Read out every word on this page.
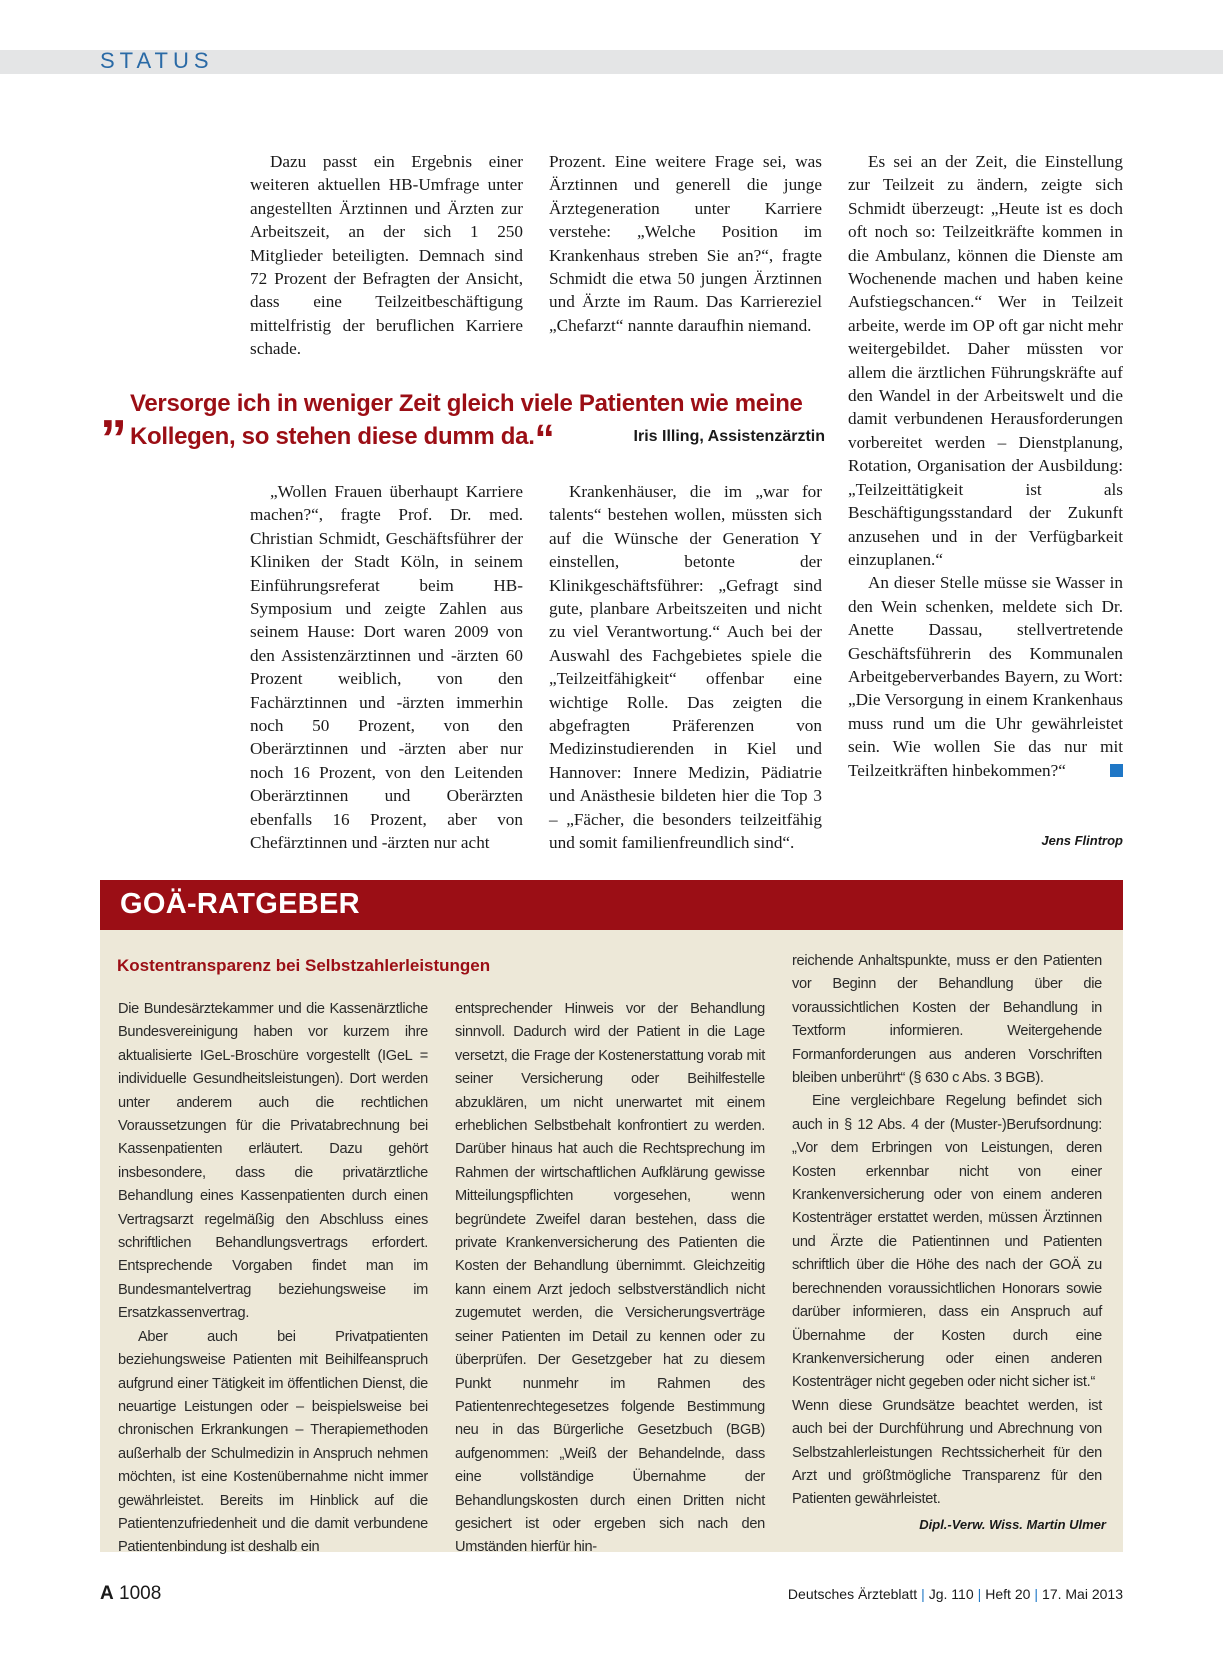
STATUS

Dazu passt ein Ergebnis einer weiteren aktuellen HB-Umfrage unter angestellten Ärztinnen und Ärzten zur Arbeitszeit, an der sich 1 250 Mitglieder beteiligten. Demnach sind 72 Prozent der Befragten der Ansicht, dass eine Teilzeitbeschäftigung mittelfristig der beruflichen Karriere schade.

Prozent. Eine weitere Frage sei, was Ärztinnen und generell die junge Ärztegeneration unter Karriere verstehe: „Welche Position im Krankenhaus streben Sie an?“, fragte Schmidt die etwa 50 jungen Ärztinnen und Ärzte im Raum. Das Karriereziel „Chefarzt“ nannte daraufhin niemand.

„ Versorge ich in weniger Zeit gleich viele Patienten wie meine
Kollegen, so stehen diese dumm da.“	Iris Illing, Assistenzärztin

„Wollen Frauen überhaupt Karriere machen?“, fragte Prof. Dr. med. Christian Schmidt, Geschäftsführer der Kliniken der Stadt Köln, in seinem Einführungsreferat beim HB-Symposium und zeigte Zahlen aus seinem Hause: Dort waren 2009 von den Assistenzärztinnen und -ärzten 60 Prozent weiblich, von den Fachärztinnen und -ärzten immerhin noch 50 Prozent, von den Oberärztinnen und -ärzten aber nur noch 16 Prozent, von den Leitenden Oberärztinnen und Oberärzten ebenfalls 16 Prozent, aber von Chefärztinnen und -ärzten nur acht

Krankenhäuser, die im „war for talents“ bestehen wollen, müssten sich auf die Wünsche der Generation Y einstellen, betonte der Klinikgeschäftsführer: „Gefragt sind gute, planbare Arbeitszeiten und nicht zu viel Verantwortung.“ Auch bei der Auswahl des Fachgebietes spiele die „Teilzeitfähigkeit“ offenbar eine wichtige Rolle. Das zeigten die abgefragten Präferenzen von Medizinstudierenden in Kiel und Hannover: Innere Medizin, Pädiatrie und Anästhesie bildeten hier die Top 3 – „Fächer, die besonders teilzeitfähig und somit familienfreundlich sind“.

Es sei an der Zeit, die Einstellung zur Teilzeit zu ändern, zeigte sich Schmidt überzeugt: „Heute ist es doch oft noch so: Teilzeitkräfte kommen in die Ambulanz, können die Dienste am Wochenende machen und haben keine Aufstiegschancen.“ Wer in Teilzeit arbeite, werde im OP oft gar nicht mehr weitergebildet. Daher müssten vor allem die ärztlichen Führungskräfte auf den Wandel in der Arbeitswelt und die damit verbundenen Herausforderungen vorbereitet werden – Dienstplanung, Rotation, Organisation der Ausbildung: „Teilzeittätigkeit ist als Beschäftigungsstandard der Zukunft anzusehen und in der Verfügbarkeit einzuplanen.“

An dieser Stelle müsse sie Wasser in den Wein schenken, meldete sich Dr. Anette Dassau, stellvertretende Geschäftsführerin des Kommunalen Arbeitgeberverbandes Bayern, zu Wort: „Die Versorgung in einem Krankenhaus muss rund um die Uhr gewährleistet sein. Wie wollen Sie das nur mit Teilzeitkräften hinbekommen?“

Jens Flintrop
GOÄ-RATGEBER
Kostentransparenz bei Selbstzahlerleistungen

Die Bundesärztekammer und die Kassenärztliche Bundesvereinigung haben vor kurzem ihre aktualisierte IGeL-Broschüre vorgestellt (IGeL = individuelle Gesundheitsleistungen). Dort werden unter anderem auch die rechtlichen Voraussetzungen für die Privatabrechnung bei Kassenpatienten erläutert. Dazu gehört insbesondere, dass die privatärztliche Behandlung eines Kassenpatienten durch einen Vertragsarzt regelmäßig den Abschluss eines schriftlichen Behandlungsvertrags erfordert. Entsprechende Vorgaben findet man im Bundesmantelvertrag beziehungsweise im Ersatzkassenvertrag.

Aber auch bei Privatpatienten beziehungsweise Patienten mit Beihilfeanspruch aufgrund einer Tätigkeit im öffentlichen Dienst, die neuartige Leistungen oder – beispielsweise bei chronischen Erkrankungen – Therapiemethoden außerhalb der Schulmedizin in Anspruch nehmen möchten, ist eine Kostenübernahme nicht immer gewährleistet. Bereits im Hinblick auf die Patientenzufriedenheit und die damit verbundene Patientenbindung ist deshalb ein

entsprechender Hinweis vor der Behandlung sinnvoll. Dadurch wird der Patient in die Lage versetzt, die Frage der Kostenerstattung vorab mit seiner Versicherung oder Beihilfestelle abzuklären, um nicht unerwartet mit einem erheblichen Selbstbehalt konfrontiert zu werden. Darüber hinaus hat auch die Rechtsprechung im Rahmen der wirtschaftlichen Aufklärung gewisse Mitteilungspflichten vorgesehen, wenn begründete Zweifel daran bestehen, dass die private Krankenversicherung des Patienten die Kosten der Behandlung übernimmt. Gleichzeitig kann einem Arzt jedoch selbstverständlich nicht zugemutet werden, die Versicherungsverträge seiner Patienten im Detail zu kennen oder zu überprüfen. Der Gesetzgeber hat zu diesem Punkt nunmehr im Rahmen des Patientenrechtegesetzes folgende Bestimmung neu in das Bürgerliche Gesetzbuch (BGB) aufgenommen: „Weiß der Behandelnde, dass eine vollständige Übernahme der Behandlungskosten durch einen Dritten nicht gesichert ist oder ergeben sich nach den Umständen hierfür hin-

reichende Anhaltspunkte, muss er den Patienten vor Beginn der Behandlung über die voraussichtlichen Kosten der Behandlung in Textform informieren. Weitergehende Formanforderungen aus anderen Vorschriften bleiben unberührt“ (§ 630 c Abs. 3 BGB).

Eine vergleichbare Regelung befindet sich auch in § 12 Abs. 4 der (Muster-)Berufsordnung: „Vor dem Erbringen von Leistungen, deren Kosten erkennbar nicht von einer Krankenversicherung oder von einem anderen Kostenträger erstattet werden, müssen Ärztinnen und Ärzte die Patientinnen und Patienten schriftlich über die Höhe des nach der GOÄ zu berechnenden voraussichtlichen Honorars sowie darüber informieren, dass ein Anspruch auf Übernahme der Kosten durch eine Krankenversicherung oder einen anderen Kostenträger nicht gegeben oder nicht sicher ist.“

Wenn diese Grundsätze beachtet werden, ist auch bei der Durchführung und Abrechnung von Selbstzahlerleistungen Rechtssicherheit für den Arzt und größtmögliche Transparenz für den Patienten gewährleistet.

Dipl.-Verw. Wiss. Martin Ulmer
A 1008	Deutsches Ärzteblatt | Jg. 110 | Heft 20 | 17. Mai 2013
